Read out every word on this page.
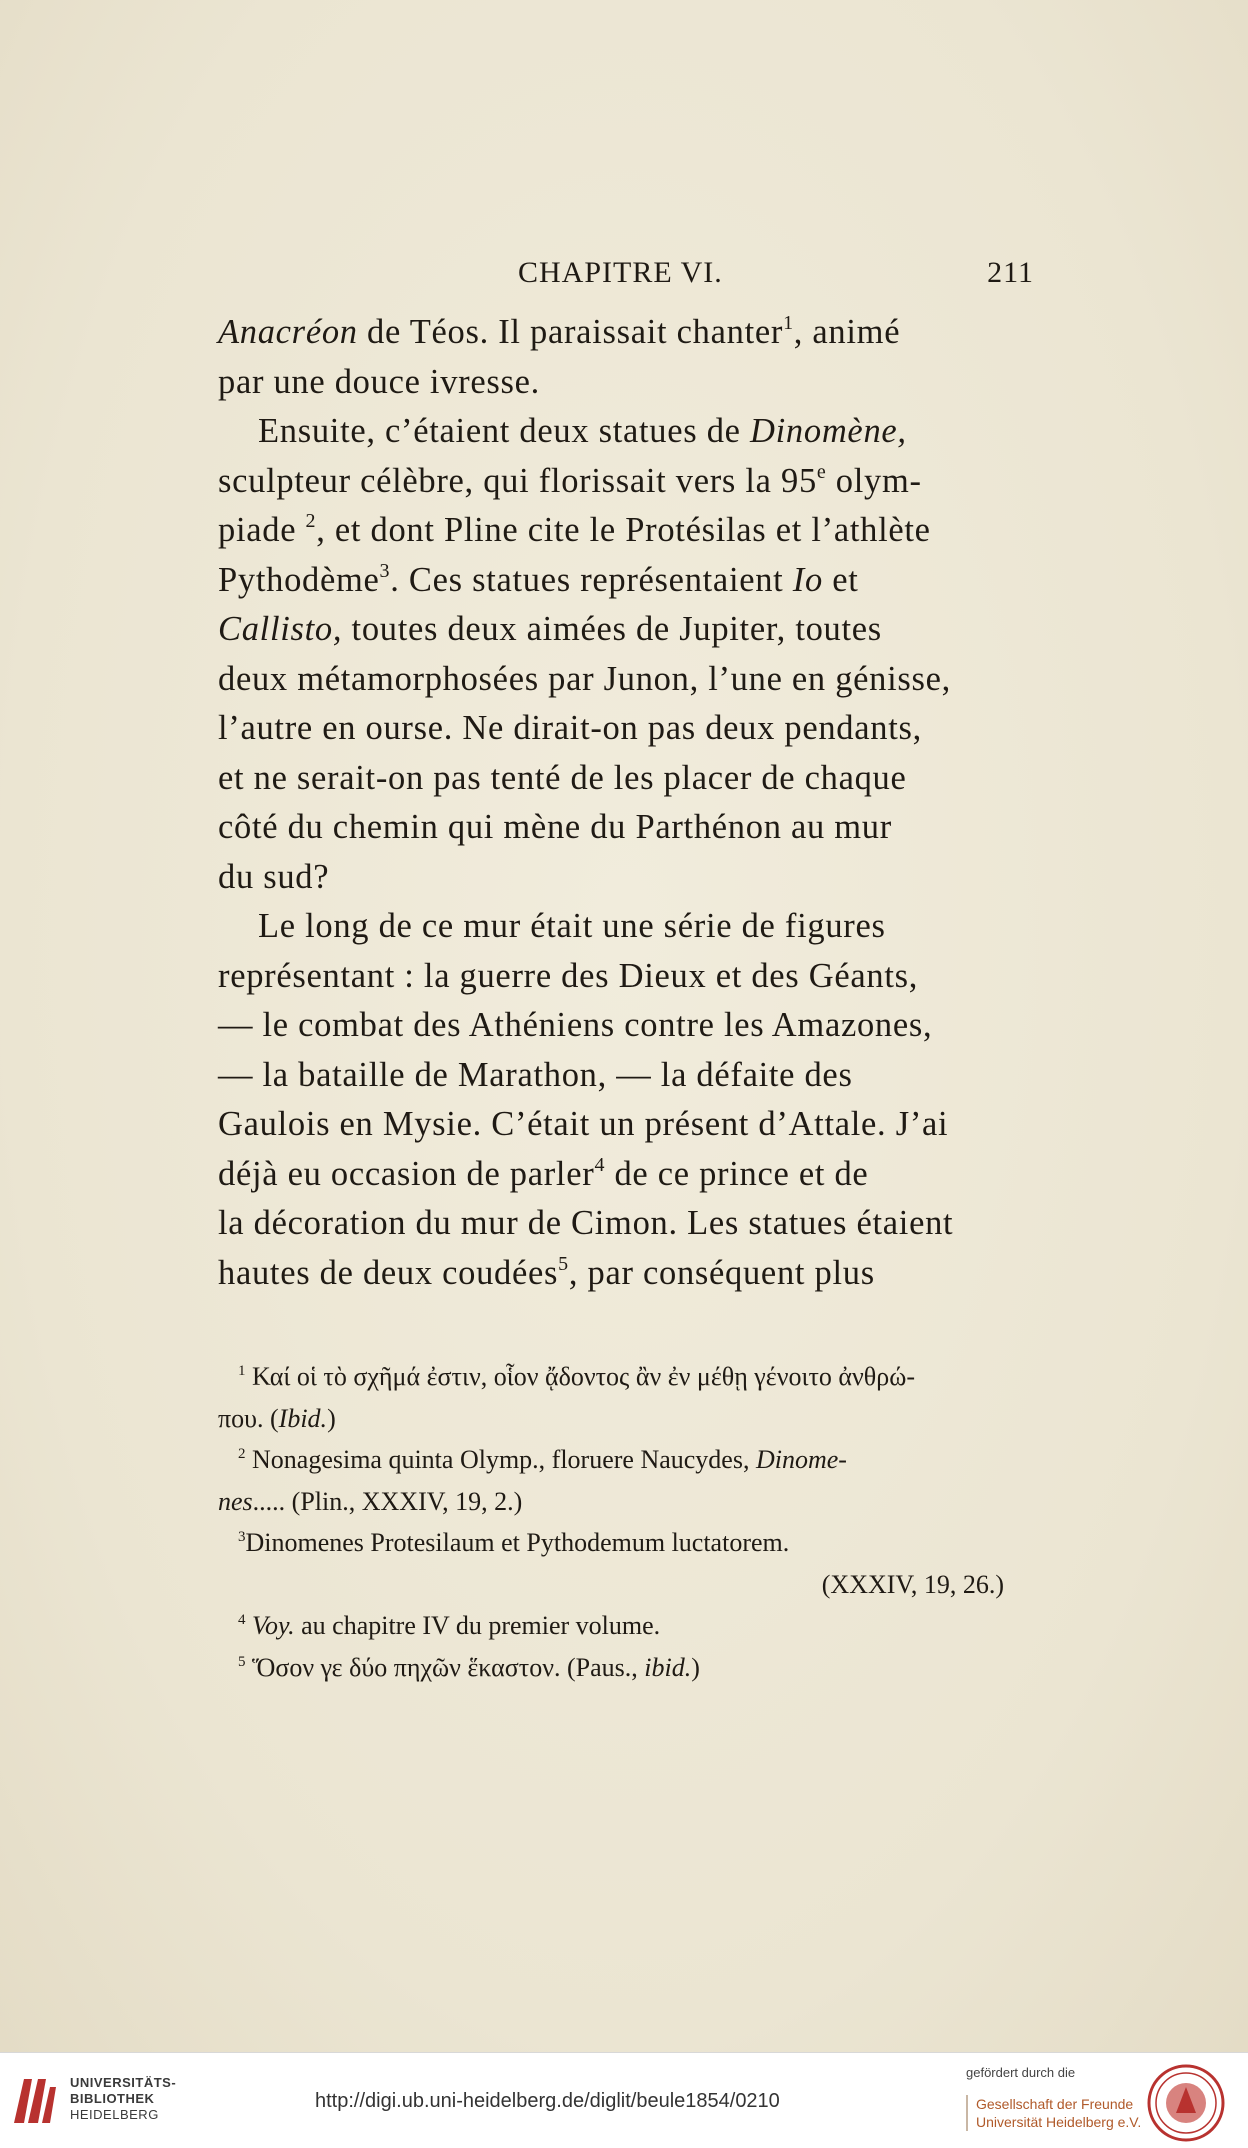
CHAPITRE VI.	211
Anacréon de Téos. Il paraissait chanter$^1$, animé
par une douce ivresse.
Ensuite, c’étaient deux statues de Dinomène,
sculpteur célèbre, qui florissait vers la 95e olym-
piade $^2$, et dont Pline cite le Protésilas et l’athlète
Pythodème$^3$. Ces statues représentaient Io et
Callisto, toutes deux aimées de Jupiter, toutes
deux métamorphosées par Junon, l’une en génisse,
l’autre en ourse. Ne dirait-on pas deux pendants,
et ne serait-on pas tenté de les placer de chaque
côté du chemin qui mène du Parthénon au mur
du sud?
Le long de ce mur était une série de figures
représentant : la guerre des Dieux et des Géants,
— le combat des Athéniens contre les Amazones,
— la bataille de Marathon, — la défaite des
Gaulois en Mysie. C’était un présent d’Attale. J’ai
déjà eu occasion de parler$^4$ de ce prince et de
la décoration du mur de Cimon. Les statues étaient
hautes de deux coudées$^5$, par conséquent plus
$^1$ Καί οἱ τὸ σχῆμά ἐστιν, οἷον ᾄδοντος ἂν ἐν μέθῃ γένοιτο ἀνθρώ-
που. (Ibid.)
$^2$ Nonagesima quinta Olymp., floruere Naucydes, Dinome-
nes..... (Plin., XXXIV, 19, 2.)
$^3$Dinomenes Protesilaum et Pythodemum luctatorem.
(XXXIV, 19, 26.)
$^4$ Voy. au chapitre IV du premier volume.
$^5$ Ὅσον γε δύο πηχῶν ἕκαστον. (Paus., ibid.)
UNIVERSITÄTS-
BIBLIOTHEK
HEIDELBERG
http://digi.ub.uni-heidelberg.de/diglit/beule1854/0210
gefördert durch die
Gesellschaft der Freunde
Universität Heidelberg e.V.
